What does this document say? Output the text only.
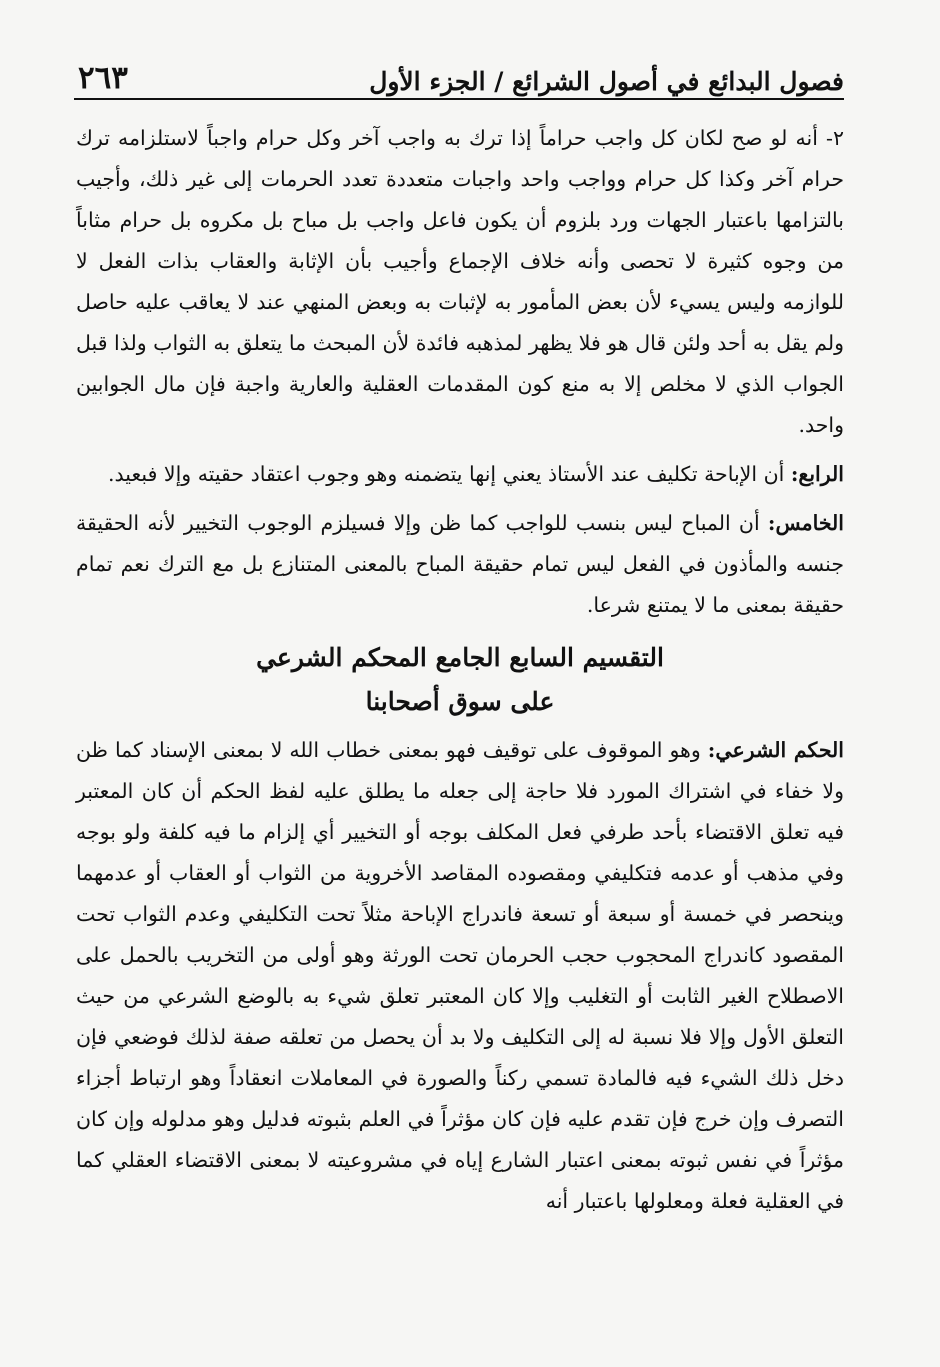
فصول البدائع في أصول الشرائع / الجزء الأول
٢٦٣

٢- أنه لو صح لكان كل واجب حراماً إذا ترك به واجب آخر وكل حرام واجباً لاستلزامه ترك حرام آخر وكذا كل حرام وواجب واحد واجبات متعددة تعدد الحرمات إلى غير ذلك، وأجيب بالتزامها باعتبار الجهات ورد بلزوم أن يكون فاعل واجب بل مباح بل مكروه بل حرام مثاباً من وجوه كثيرة لا تحصى وأنه خلاف الإجماع وأجيب بأن الإثابة والعقاب بذات الفعل لا للوازمه وليس يسيء لأن بعض المأمور به لإثبات به وبعض المنهي عند لا يعاقب عليه حاصل ولم يقل به أحد ولئن قال هو فلا يظهر لمذهبه فائدة لأن المبحث ما يتعلق به الثواب ولذا قبل الجواب الذي لا مخلص إلا به منع كون المقدمات العقلية والعارية واجبة فإن مال الجوابين واحد.

الرابع: أن الإباحة تكليف عند الأستاذ يعني إنها يتضمنه وهو وجوب اعتقاد حقيته وإلا فبعيد.

الخامس: أن المباح ليس بنسب للواجب كما ظن وإلا فسيلزم الوجوب التخيير لأنه الحقيقة جنسه والمأذون في الفعل ليس تمام حقيقة المباح بالمعنى المتنازع بل مع الترك نعم تمام حقيقة بمعنى ما لا يمتنع شرعا.

التقسيم السابع الجامع المحكم الشرعي
على سوق أصحابنا

الحكم الشرعي: وهو الموقوف على توقيف فهو بمعنى خطاب الله لا بمعنى الإسناد كما ظن ولا خفاء في اشتراك المورد فلا حاجة إلى جعله ما يطلق عليه لفظ الحكم أن كان المعتبر فيه تعلق الاقتضاء بأحد طرفي فعل المكلف بوجه أو التخيير أي إلزام ما فيه كلفة ولو بوجه وفي مذهب أو عدمه فتكليفي ومقصوده المقاصد الأخروية من الثواب أو العقاب أو عدمهما وينحصر في خمسة أو سبعة أو تسعة فاندراج الإباحة مثلاً تحت التكليفي وعدم الثواب تحت المقصود كاندراج المحجوب حجب الحرمان تحت الورثة وهو أولى من التخريب بالحمل على الاصطلاح الغير الثابت أو التغليب وإلا كان المعتبر تعلق شيء به بالوضع الشرعي من حيث التعلق الأول وإلا فلا نسبة له إلى التكليف ولا بد أن يحصل من تعلقه صفة لذلك فوضعي فإن دخل ذلك الشيء فيه فالمادة تسمي ركناً والصورة في المعاملات انعقاداً وهو ارتباط أجزاء التصرف وإن خرج فإن تقدم عليه فإن كان مؤثراً في العلم بثبوته فدليل وهو مدلوله وإن كان مؤثراً في نفس ثبوته بمعنى اعتبار الشارع إياه في مشروعيته لا بمعنى الاقتضاء العقلي كما في العقلية فعلة ومعلولها باعتبار أنه
